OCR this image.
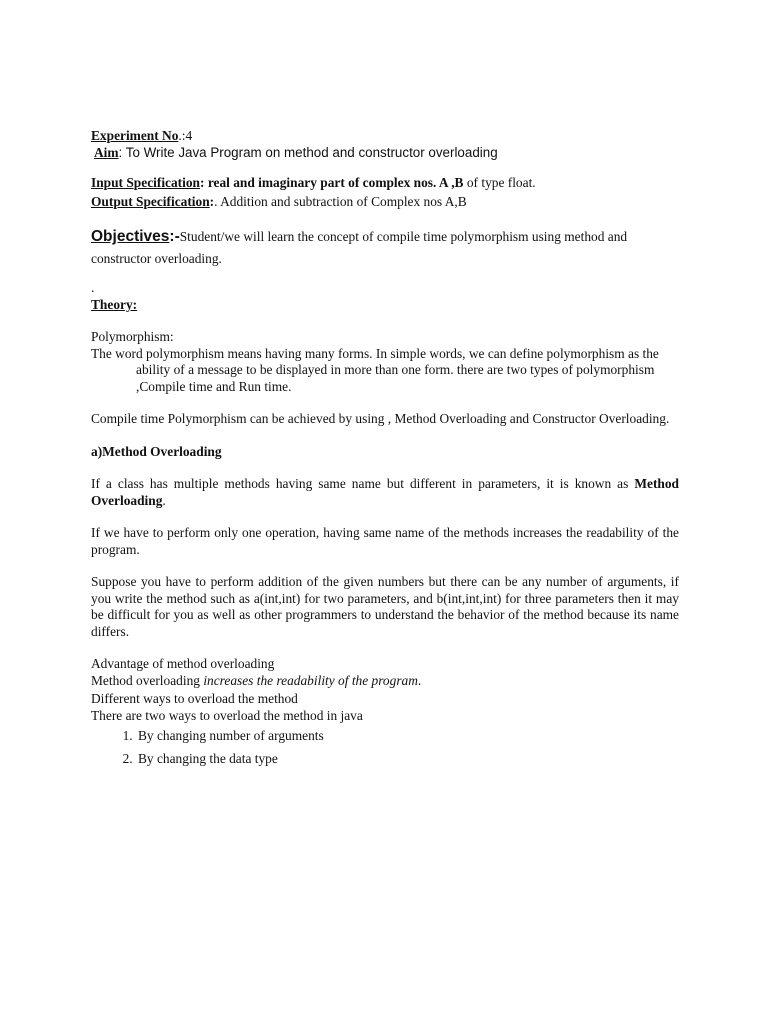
Experiment No.:4
Aim: To Write Java Program on method and constructor overloading
Input Specification: real and imaginary part of complex nos. A ,B of type float.
Output Specification:. Addition and subtraction of Complex nos A,B
Objectives:-Student/we will learn the concept of compile time polymorphism using method and constructor overloading.
.
Theory:
Polymorphism:
The word polymorphism means having many forms. In simple words, we can define polymorphism as the ability of a message to be displayed in more than one form. there are two types of polymorphism ,Compile time and Run time.
Compile time Polymorphism can be achieved by using , Method Overloading and Constructor Overloading.
a)Method Overloading
If a class has multiple methods having same name but different in parameters, it is known as Method Overloading.
If we have to perform only one operation, having same name of the methods increases the readability of the program.
Suppose you have to perform addition of the given numbers but there can be any number of arguments, if you write the method such as a(int,int) for two parameters, and b(int,int,int) for three parameters then it may be difficult for you as well as other programmers to understand the behavior of the method because its name differs.
Advantage of method overloading
Method overloading increases the readability of the program.
Different ways to overload the method
There are two ways to overload the method in java
1. By changing number of arguments
2. By changing the data type
